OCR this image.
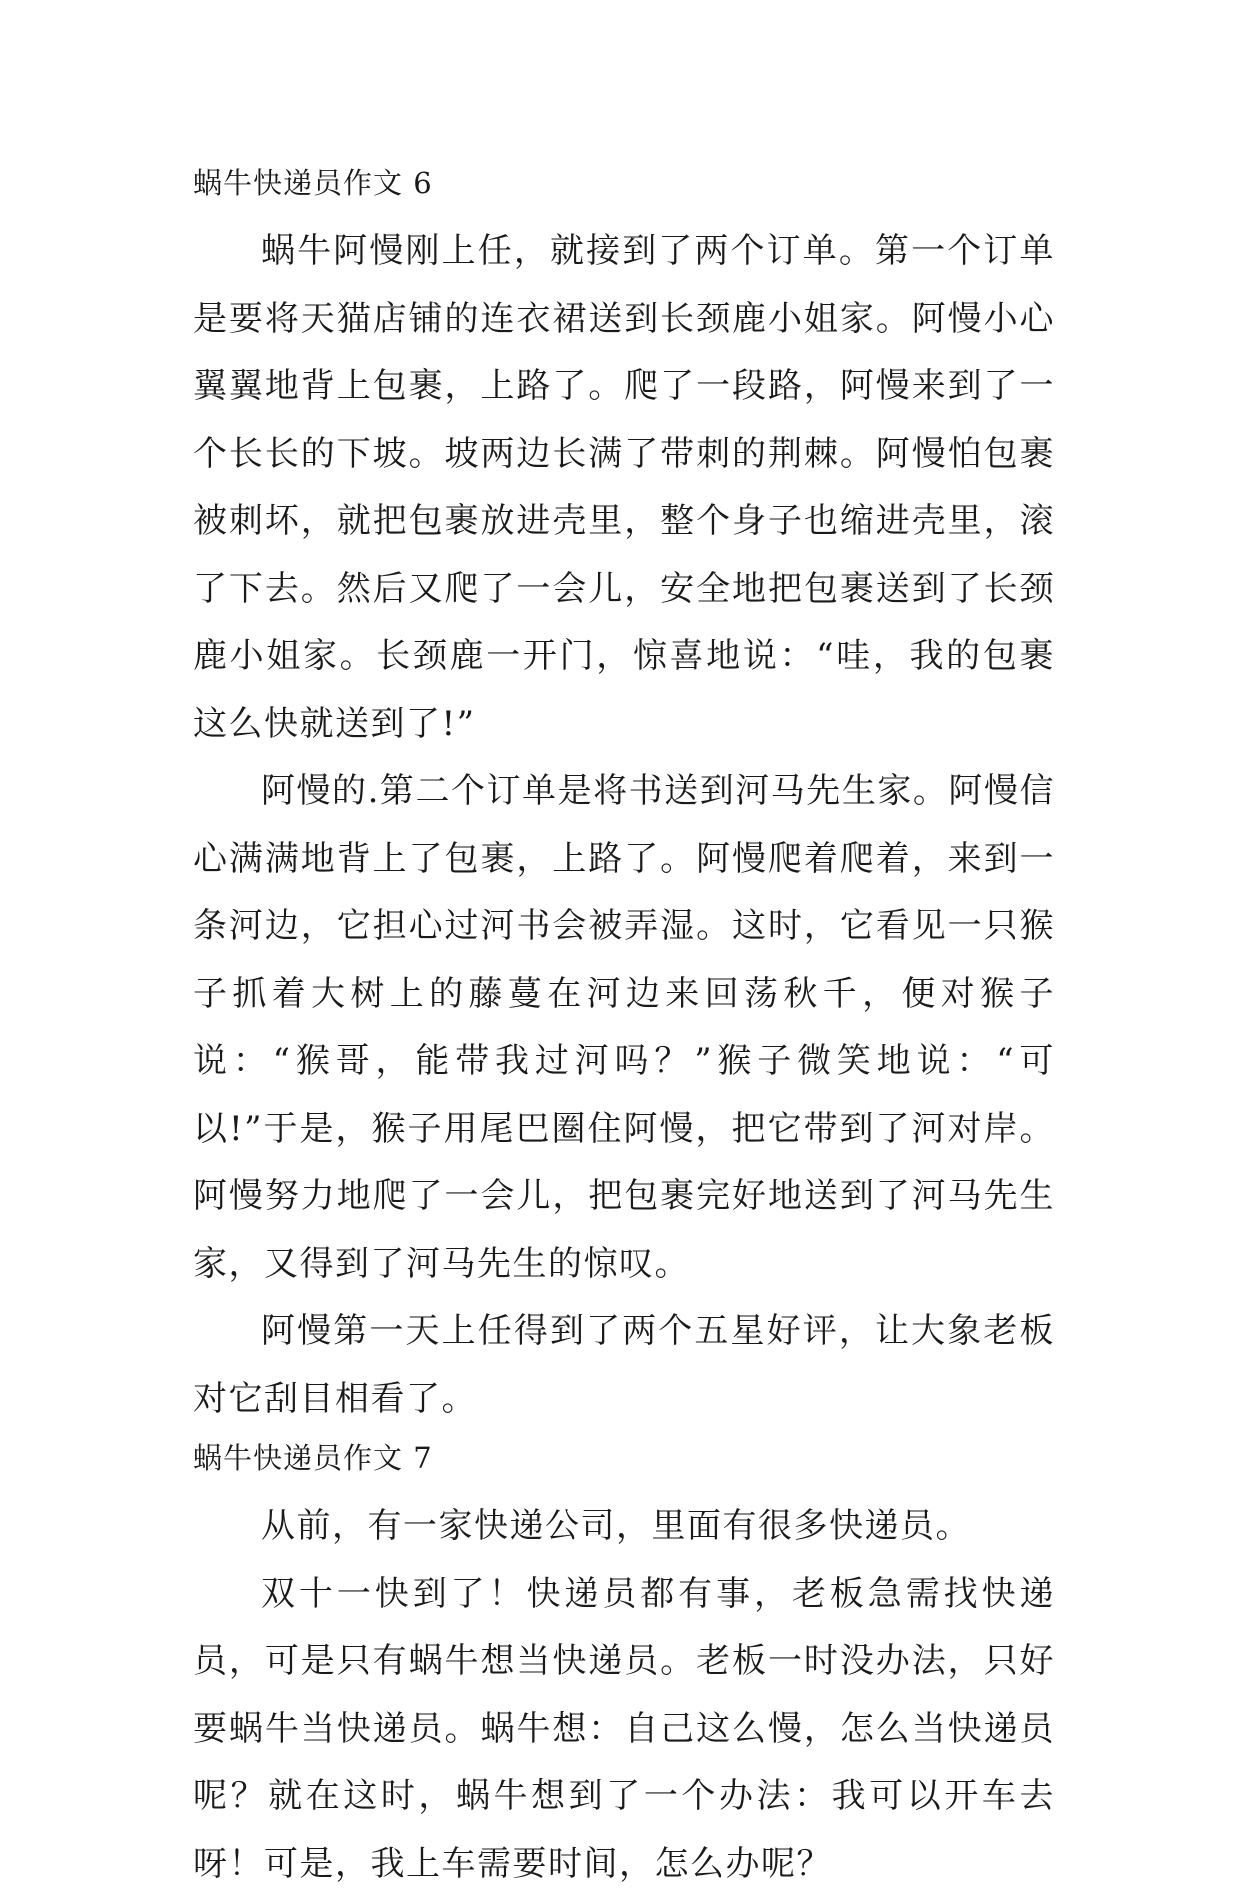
蜗牛快递员作文 6

蜗牛阿慢刚上任，就接到了两个订单。第一个订单是要将天猫店铺的连衣裙送到长颈鹿小姐家。阿慢小心翼翼地背上包裹，上路了。爬了一段路，阿慢来到了一个长长的下坡。坡两边长满了带刺的荆棘。阿慢怕包裹被刺坏，就把包裹放进壳里，整个身子也缩进壳里，滚了下去。然后又爬了一会儿，安全地把包裹送到了长颈鹿小姐家。长颈鹿一开门，惊喜地说：“哇，我的包裹这么快就送到了!”

阿慢的.第二个订单是将书送到河马先生家。阿慢信心满满地背上了包裹，上路了。阿慢爬着爬着，来到一条河边，它担心过河书会被弄湿。这时，它看见一只猴子抓着大树上的藤蔓在河边来回荡秋千，便对猴子说：“猴哥，能带我过河吗？”猴子微笑地说：“可以!”于是，猴子用尾巴圈住阿慢，把它带到了河对岸。阿慢努力地爬了一会儿，把包裹完好地送到了河马先生家，又得到了河马先生的惊叹。

阿慢第一天上任得到了两个五星好评，让大象老板对它刮目相看了。

蜗牛快递员作文 7

从前，有一家快递公司，里面有很多快递员。

双十一快到了！快递员都有事，老板急需找快递员，可是只有蜗牛想当快递员。老板一时没办法，只好要蜗牛当快递员。蜗牛想：自己这么慢，怎么当快递员呢？就在这时，蜗牛想到了一个办法：我可以开车去呀！可是，我上车需要时间，怎么办呢？
